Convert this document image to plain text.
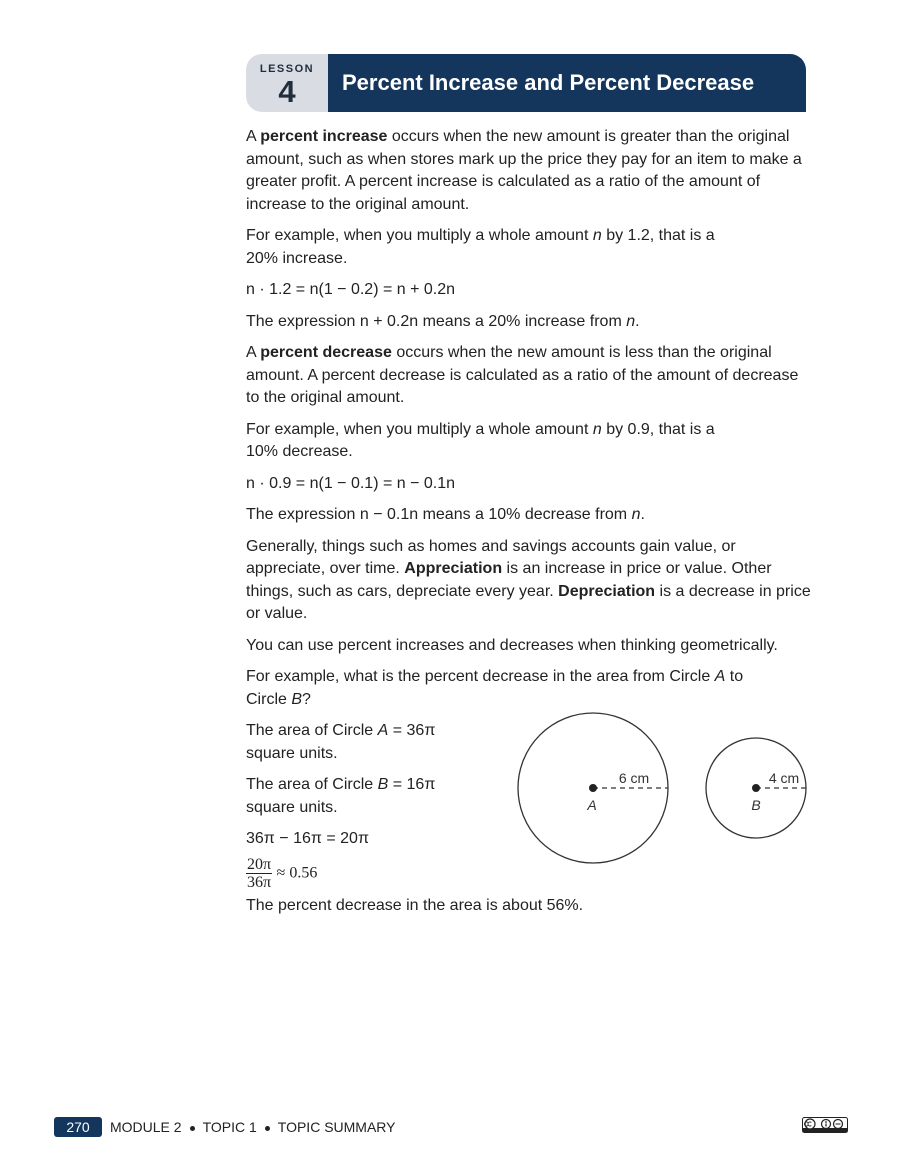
LESSON
4	Percent Increase and Percent Decrease

A percent increase occurs when the new amount is greater than the original amount, such as when stores mark up the price they pay for an item to make a greater profit. A percent increase is calculated as a ratio of the amount of increase to the original amount.

For example, when you multiply a whole amount n by 1.2, that is a
20% increase.

n · 1.2 = n(1 − 0.2) = n + 0.2n

The expression n + 0.2n means a 20% increase from n.

A percent decrease occurs when the new amount is less than the original amount. A percent decrease is calculated as a ratio of the amount of decrease to the original amount.

For example, when you multiply a whole amount n by 0.9, that is a
10% decrease.

n · 0.9 = n(1 − 0.1) = n − 0.1n

The expression n − 0.1n means a 10% decrease from n.

Generally, things such as homes and savings accounts gain value, or appreciate, over time. Appreciation is an increase in price or value. Other things, such as cars, depreciate every year. Depreciation is a decrease in price or value.

You can use percent increases and decreases when thinking geometrically.

For example, what is the percent decrease in the area from Circle A to
Circle B?

The area of Circle A = 36π
square units.

The area of Circle B = 16π
square units.

36π − 16π = 20π

$\frac{20\pi}{36\pi} \approx 0.56$
6 cm
A
4 cm
B

The percent decrease in the area is about 56%.

270	MODULE 2 TOPIC 1 TOPIC SUMMARY
